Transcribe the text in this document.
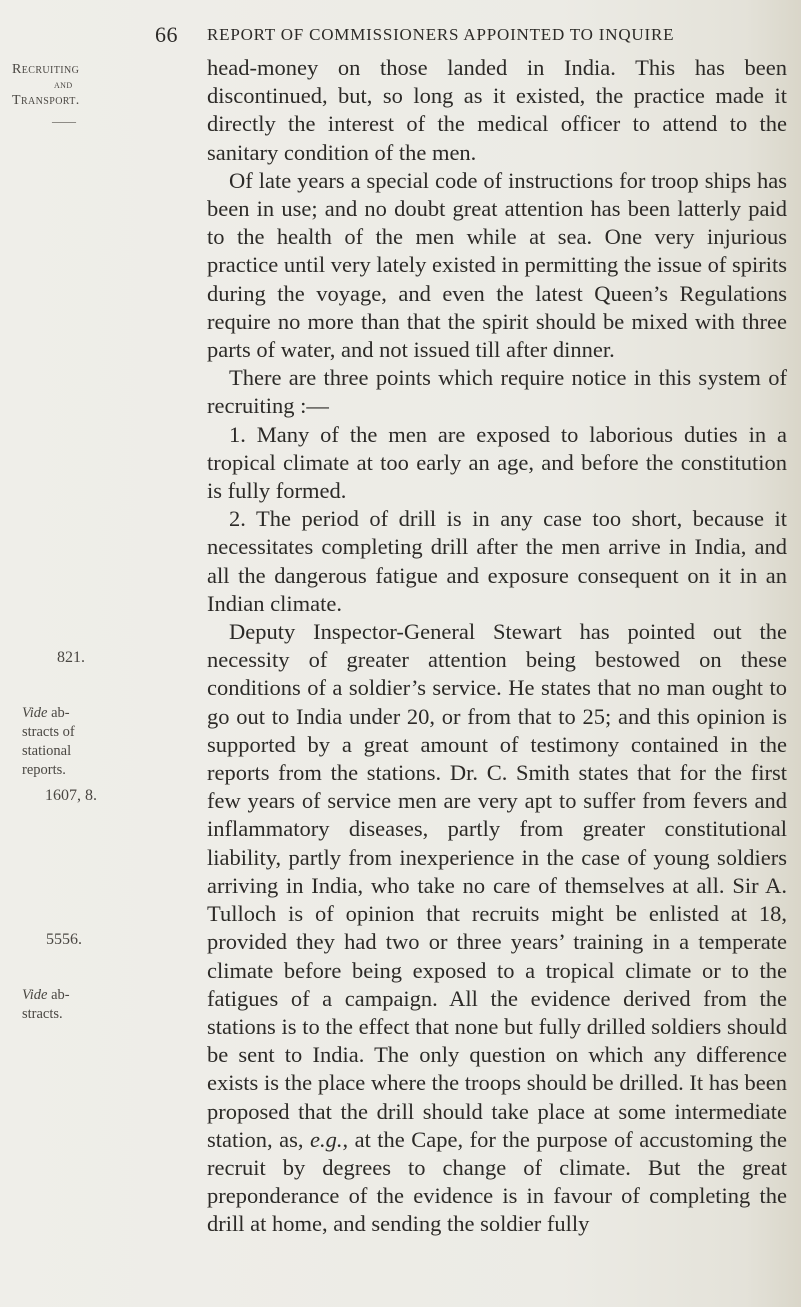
66 REPORT OF COMMISSIONERS APPOINTED TO INQUIRE
Recruiting
and
Transport.
——
821.
Vide ab-
stracts of
stational
reports.
1607, 8.
5556.
Vide ab-
stracts.

head-money on those landed in India. This has been discontinued, but, so long as it existed, the practice made it directly the interest of the medical officer to attend to the sanitary condition of the men.

Of late years a special code of instructions for troop ships has been in use; and no doubt great attention has been latterly paid to the health of the men while at sea. One very injurious practice until very lately existed in permitting the issue of spirits during the voyage, and even the latest Queen’s Regulations require no more than that the spirit should be mixed with three parts of water, and not issued till after dinner.

There are three points which require notice in this system of recruiting :—

1. Many of the men are exposed to laborious duties in a tropical climate at too early an age, and before the constitution is fully formed.

2. The period of drill is in any case too short, because it necessitates completing drill after the men arrive in India, and all the dangerous fatigue and exposure consequent on it in an Indian climate.

Deputy Inspector-General Stewart has pointed out the necessity of greater attention being bestowed on these conditions of a soldier’s service. He states that no man ought to go out to India under 20, or from that to 25; and this opinion is supported by a great amount of testimony contained in the reports from the stations. Dr. C. Smith states that for the first few years of service men are very apt to suffer from fevers and inflammatory diseases, partly from greater constitutional liability, partly from inexperience in the case of young soldiers arriving in India, who take no care of themselves at all. Sir A. Tulloch is of opinion that recruits might be enlisted at 18, provided they had two or three years’ training in a temperate climate before being exposed to a tropical climate or to the fatigues of a campaign. All the evidence derived from the stations is to the effect that none but fully drilled soldiers should be sent to India. The only question on which any difference exists is the place where the troops should be drilled. It has been proposed that the drill should take place at some intermediate station, as, e.g., at the Cape, for the purpose of accustoming the recruit by degrees to change of climate. But the great preponderance of the evidence is in favour of completing the drill at home, and sending the soldier fully
